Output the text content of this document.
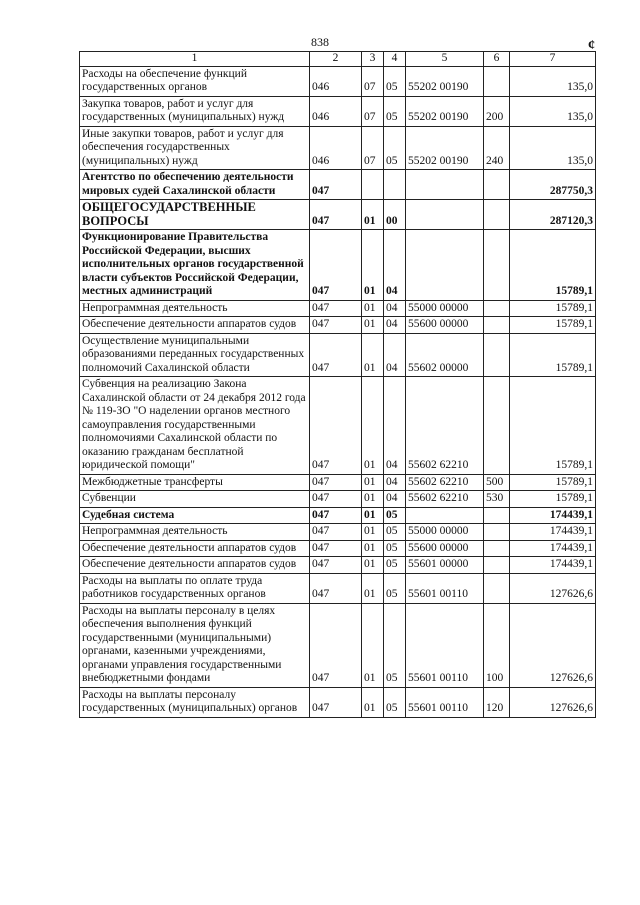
838	¢
1	2	3	4	5	6	7
Расходы на обеспечение функций государственных органов	046	07	05	55202 00190		135,0
Закупка товаров, работ и услуг для государственных (муниципальных) нужд	046	07	05	55202 00190	200	135,0
Иные закупки товаров, работ и услуг для обеспечения государственных (муниципальных) нужд	046	07	05	55202 00190	240	135,0
Агентство по обеспечению деятельности мировых судей Сахалинской области	047					287750,3
ОБЩЕГОСУДАРСТВЕННЫЕ ВОПРОСЫ	047	01	00			287120,3
Функционирование Правительства Российской Федерации, высших исполнительных органов государственной власти субъектов Российской Федерации, местных администраций	047	01	04			15789,1
Непрограммная деятельность	047	01	04	55000 00000		15789,1
Обеспечение деятельности аппаратов судов	047	01	04	55600 00000		15789,1
Осуществление муниципальными образованиями переданных государственных полномочий Сахалинской области	047	01	04	55602 00000		15789,1
Субвенция на реализацию Закона Сахалинской области от 24 декабря 2012 года № 119-ЗО "О наделении органов местного самоуправления государственными полномочиями Сахалинской области по оказанию гражданам бесплатной юридической помощи"	047	01	04	55602 62210		15789,1
Межбюджетные трансферты	047	01	04	55602 62210	500	15789,1
Субвенции	047	01	04	55602 62210	530	15789,1
Судебная система	047	01	05			174439,1
Непрограммная деятельность	047	01	05	55000 00000		174439,1
Обеспечение деятельности аппаратов судов	047	01	05	55600 00000		174439,1
Обеспечение деятельности аппаратов судов	047	01	05	55601 00000		174439,1
Расходы на выплаты по оплате труда работников государственных органов	047	01	05	55601 00110		127626,6
Расходы на выплаты персоналу в целях обеспечения выполнения функций государственными (муниципальными) органами, казенными учреждениями, органами управления государственными внебюджетными фондами	047	01	05	55601 00110	100	127626,6
Расходы на выплаты персоналу государственных (муниципальных) органов	047	01	05	55601 00110	120	127626,6
